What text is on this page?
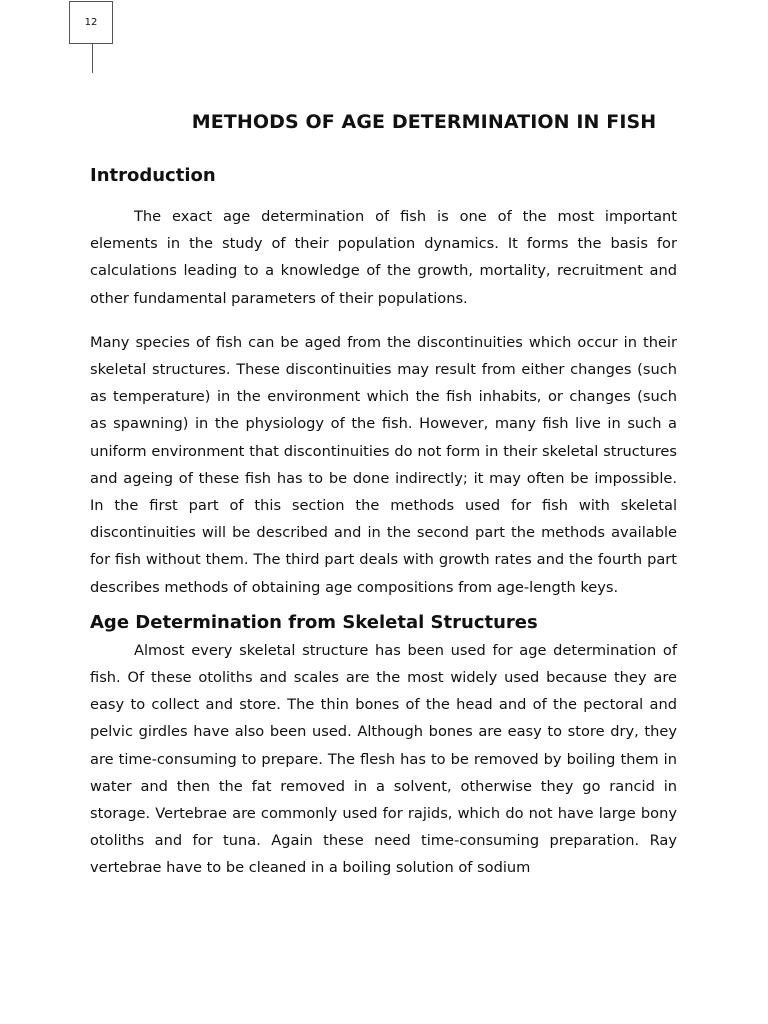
12
METHODS OF AGE DETERMINATION IN FISH
Introduction

The exact age determination of fish is one of the most important elements in the study of their population dynamics. It forms the basis for calculations leading to a knowledge of the growth, mortality, recruitment and other fundamental parameters of their populations.

Many species of fish can be aged from the discontinuities which occur in their skeletal structures. These discontinuities may result from either changes (such as temperature) in the environment which the fish inhabits, or changes (such as spawning) in the physiology of the fish. However, many fish live in such a uniform environment that discontinuities do not form in their skeletal structures and ageing of these fish has to be done indirectly; it may often be impossible. In the first part of this section the methods used for fish with skeletal discontinuities will be described and in the second part the methods available for fish without them. The third part deals with growth rates and the fourth part describes methods of obtaining age compositions from age-length keys.

Age Determination from Skeletal Structures

Almost every skeletal structure has been used for age determination of fish. Of these otoliths and scales are the most widely used because they are easy to collect and store. The thin bones of the head and of the pectoral and pelvic girdles have also been used. Although bones are easy to store dry, they are time-consuming to prepare. The flesh has to be removed by boiling them in water and then the fat removed in a solvent, otherwise they go rancid in storage. Vertebrae are commonly used for rajids, which do not have large bony otoliths and for tuna. Again these need time-consuming preparation. Ray vertebrae have to be cleaned in a boiling solution of sodium
